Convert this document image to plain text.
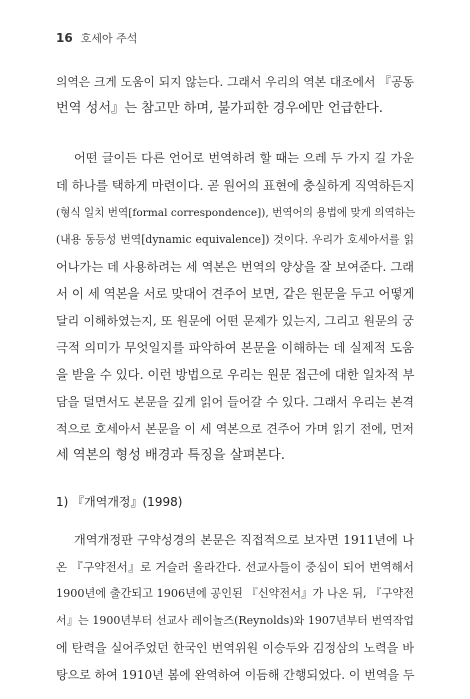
16 호세아 주석
의역은 크게 도움이 되지 않는다. 그래서 우리의 역본 대조에서 『공동
번역 성서』는 참고만 하며, 불가피한 경우에만 언급한다.
어떤 글이든 다른 언어로 번역하려 할 때는 으레 두 가지 길 가운
데 하나를 택하게 마련이다. 곧 원어의 표현에 충실하게 직역하든지
(형식 일치 번역[formal correspondence]), 번역어의 용법에 맞게 의역하는
(내용 동등성 번역[dynamic equivalence]) 것이다. 우리가 호세아서를 읽
어나가는 데 사용하려는 세 역본은 번역의 양상을 잘 보여준다. 그래
서 이 세 역본을 서로 맞대어 견주어 보면, 같은 원문을 두고 어떻게
달리 이해하였는지, 또 원문에 어떤 문제가 있는지, 그리고 원문의 궁
극적 의미가 무엇일지를 파악하여 본문을 이해하는 데 실제적 도움
을 받을 수 있다. 이런 방법으로 우리는 원문 접근에 대한 일차적 부
담을 덜면서도 본문을 깊게 읽어 들어갈 수 있다. 그래서 우리는 본격
적으로 호세아서 본문을 이 세 역본으로 견주어 가며 읽기 전에, 먼저
세 역본의 형성 배경과 특징을 살펴본다.
1) 『개역개정』(1998)
개역개정판 구약성경의 본문은 직접적으로 보자면 1911년에 나
온 『구약전서』로 거슬러 올라간다. 선교사들이 중심이 되어 번역해서
1900년에 출간되고 1906년에 공인된 『신약전서』가 나온 뒤, 『구약전
서』는 1900년부터 선교사 레이놀즈(Reynolds)와 1907년부터 번역작업
에 탄력을 실어주었던 한국인 번역위원 이승두와 김정삼의 노력을 바
탕으로 하여 1910년 봄에 완역하여 이듬해 간행되었다. 이 번역을 두
